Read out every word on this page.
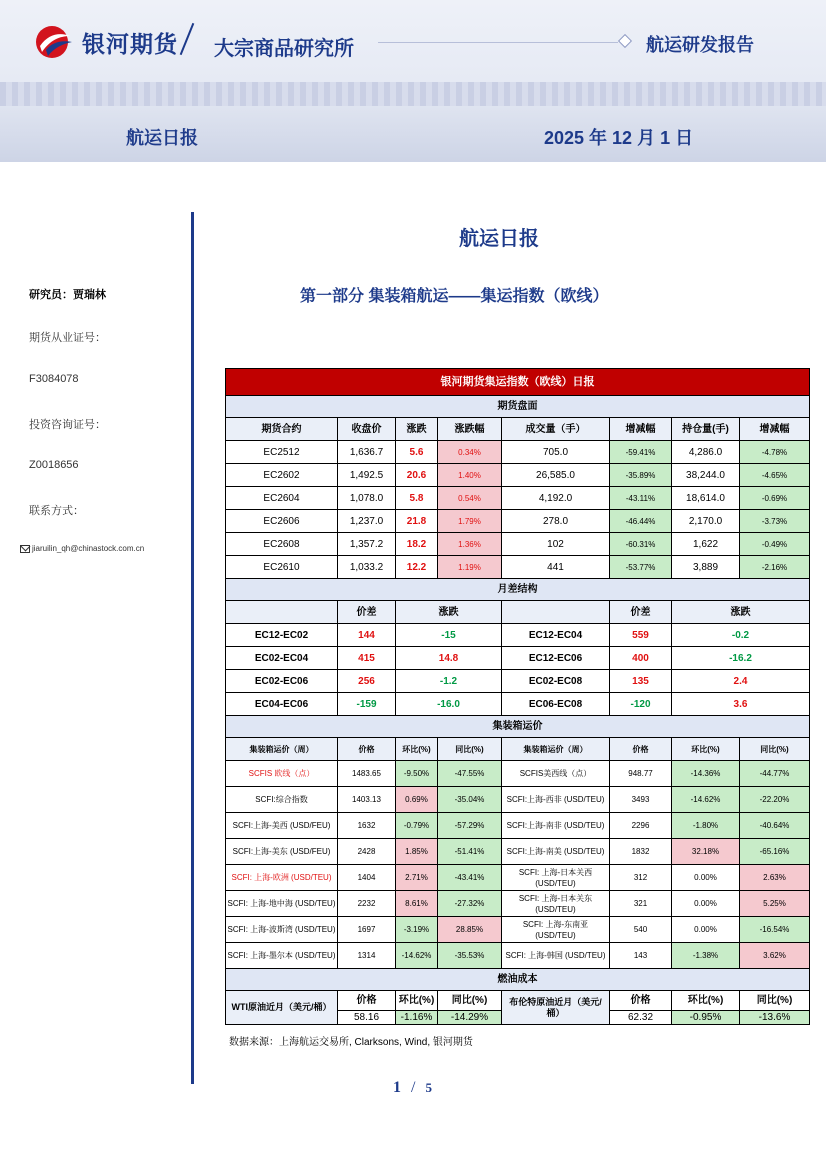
银河期货 大宗商品研究所	航运研发报告
航运日报	2025 年 12 月 1 日
研究员：贾瑞林
期货从业证号：
F3084078
投资咨询证号：
Z0018656
联系方式：
jiaruilin_qh@chinastock.com.cn
航运日报
第一部分 集装箱航运——集运指数（欧线）
银河期货集运指数（欧线）日报							
期货盘面							
期货合约	收盘价	涨跌	涨跌幅	成交量（手）	增减幅	持仓量(手)	增减幅
EC2512	1,636.7	5.6	0.34%	705.0	-59.41%	4,286.0	-4.78%
EC2602	1,492.5	20.6	1.40%	26,585.0	-35.89%	38,244.0	-4.65%
EC2604	1,078.0	5.8	0.54%	4,192.0	-43.11%	18,614.0	-0.69%
EC2606	1,237.0	21.8	1.79%	278.0	-46.44%	2,170.0	-3.73%
EC2608	1,357.2	18.2	1.36%	102	-60.31%	1,622	-0.49%
EC2610	1,033.2	12.2	1.19%	441	-53.77%	3,889	-2.16%
月差结构							
	价差	涨跌			价差	涨跌	
EC12-EC02	144	-15		EC12-EC04	559	-0.2	
EC02-EC04	415	14.8		EC12-EC06	400	-16.2	
EC02-EC06	256	-1.2		EC02-EC08	135	2.4	
EC04-EC06	-159	-16.0		EC06-EC08	-120	3.6	
集装箱运价							
集装箱运价（周）	价格	环比(%)	同比(%)	集装箱运价（周）	价格	环比(%)	同比(%)
SCFIS 欧线（点）	1483.65	-9.50%	-47.55%	SCFIS美西线（点）	948.77	-14.36%	-44.77%
SCFI:综合指数	1403.13	0.69%	-35.04%	SCFI:上海-西非 (USD/TEU)	3493	-14.62%	-22.20%
SCFI:上海-美西 (USD/FEU)	1632	-0.79%	-57.29%	SCFI:上海-南非 (USD/TEU)	2296	-1.80%	-40.64%
SCFI:上海-美东 (USD/FEU)	2428	1.85%	-51.41%	SCFI:上海-南美 (USD/TEU)	1832	32.18%	-65.16%
SCFI: 上海-欧洲 (USD/TEU)	1404	2.71%	-43.41%	SCFI: 上海-日本关西 (USD/TEU)	312	0.00%	2.63%
SCFI: 上海-地中海 (USD/TEU)	2232	8.61%	-27.32%	SCFI: 上海-日本关东 (USD/TEU)	321	0.00%	5.25%
SCFI: 上海-波斯湾 (USD/TEU)	1697	-3.19%	28.85%	SCFI: 上海-东南亚 (USD/TEU)	540	0.00%	-16.54%
SCFI: 上海-墨尔本 (USD/TEU)	1314	-14.62%	-35.53%	SCFI: 上海-韩国 (USD/TEU)	143	-1.38%	3.62%
燃油成本							
WTI原油近月（美元/桶）	价格	环比(%)	同比(%)	布伦特原油近月（美元/桶）	价格	环比(%)	同比(%)
	58.16	-1.16%	-14.29%		62.32	-0.95%	-13.6%
数据来源：上海航运交易所, Clarksons, Wind, 银河期货
1 / 5
